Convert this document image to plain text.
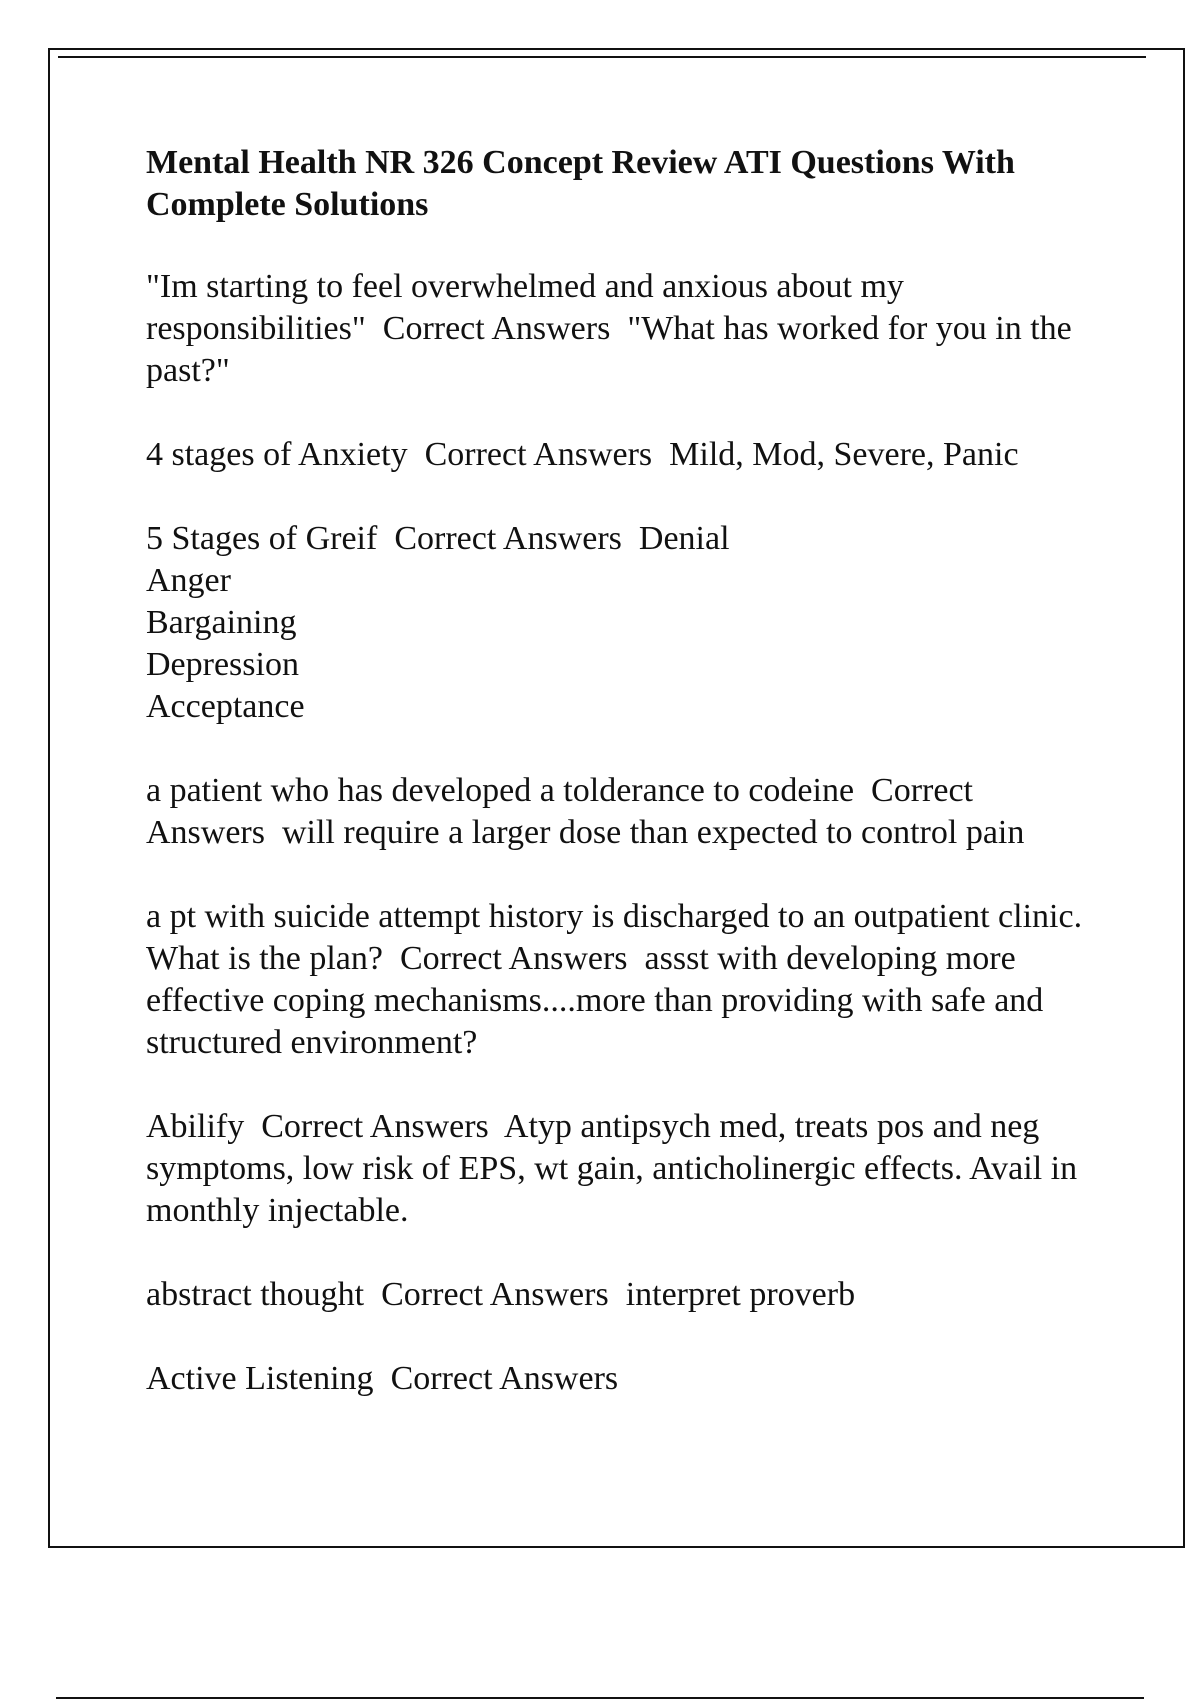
Mental Health NR 326 Concept Review ATI Questions With Complete Solutions
"Im starting to feel overwhelmed and anxious about my responsibilities" Correct Answers "What has worked for you in the past?"
4 stages of Anxiety Correct Answers Mild, Mod, Severe, Panic
5 Stages of Greif Correct Answers Denial
Anger
Bargaining
Depression
Acceptance
a patient who has developed a tolderance to codeine Correct Answers will require a larger dose than expected to control pain
a pt with suicide attempt history is discharged to an outpatient clinic. What is the plan? Correct Answers assst with developing more effective coping mechanisms....more than providing with safe and structured environment?
Abilify Correct Answers Atyp antipsych med, treats pos and neg symptoms, low risk of EPS, wt gain, anticholinergic effects. Avail in monthly injectable.
abstract thought Correct Answers interpret proverb
Active Listening Correct Answers
